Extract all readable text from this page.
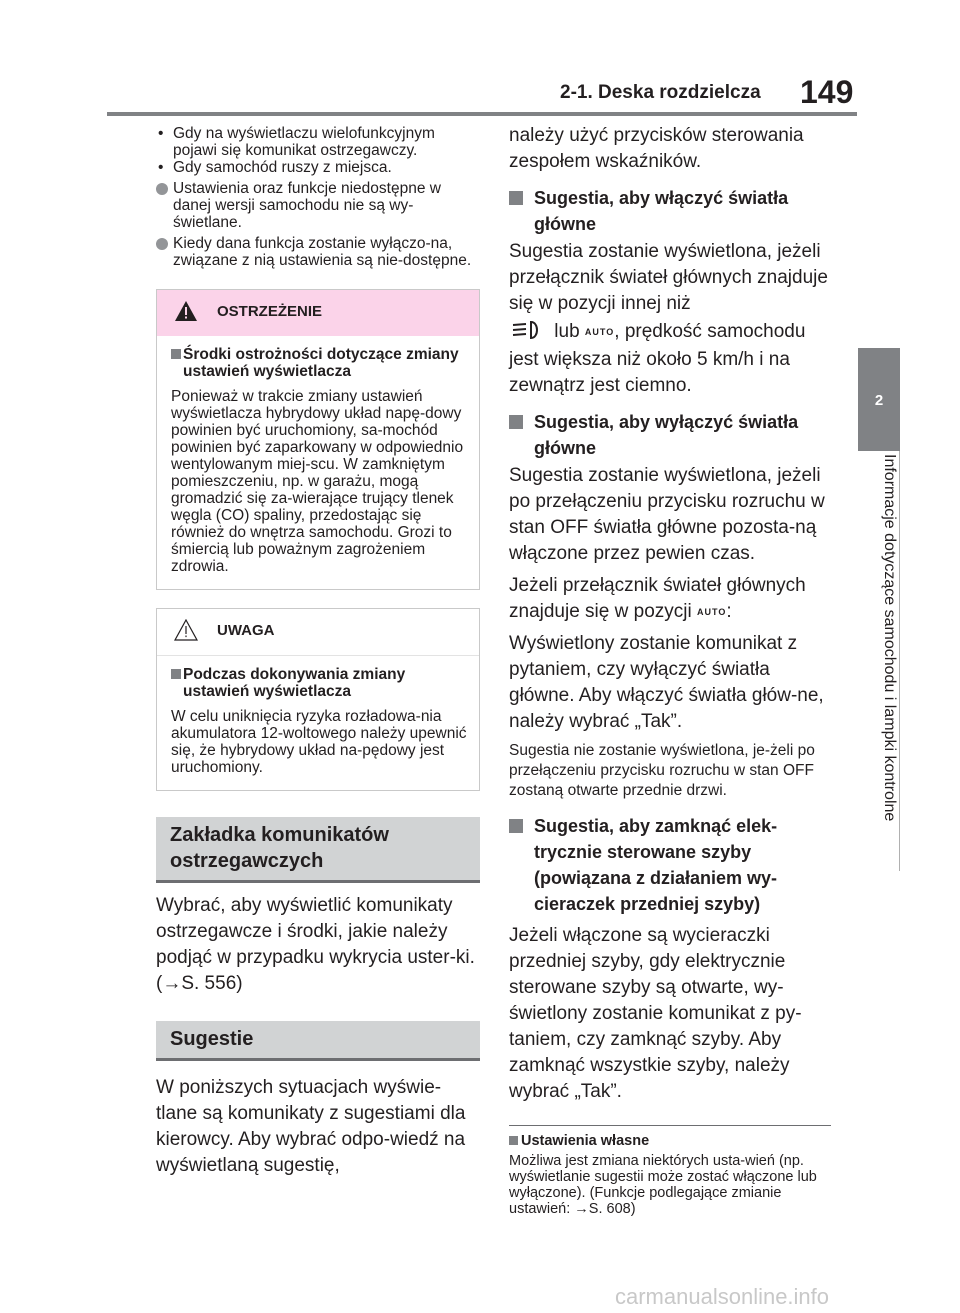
2-1. Deska rozdzielcza 149
2
Informacje dotyczące samochodu i lampki kontrolne
• Gdy na wyświetlaczu wielofunkcyjnym pojawi się komunikat ostrzegawczy.
• Gdy samochód ruszy z miejsca.
Ustawienia oraz funkcje niedostępne w danej wersji samochodu nie są wy-świetlane.
Kiedy dana funkcja zostanie wyłączo-na, związane z nią ustawienia są nie-dostępne.
OSTRZEŻENIE
Środki ostrożności dotyczące zmiany ustawień wyświetlacza
Ponieważ w trakcie zmiany ustawień wyświetlacza hybrydowy układ napę-dowy powinien być uruchomiony, sa-mochód powinien być zaparkowany w odpowiednio wentylowanym miej-scu. W zamkniętym pomieszczeniu, np. w garażu, mogą gromadzić się za-wierające trujący tlenek węgla (CO) spaliny, przedostając się również do wnętrza samochodu. Grozi to śmiercią lub poważnym zagrożeniem zdrowia.
UWAGA
Podczas dokonywania zmiany ustawień wyświetlacza
W celu uniknięcia ryzyka rozładowa-nia akumulatora 12-woltowego należy upewnić się, że hybrydowy układ na-pędowy jest uruchomiony.
Zakładka komunikatów ostrzegawczych

Wybrać, aby wyświetlić komunikaty ostrzegawcze i środki, jakie należy podjąć w przypadku wykrycia uster-ki. (→S. 556)

Sugestie

W poniższych sytuacjach wyświe-tlane są komunikaty z sugestiami dla kierowcy. Aby wybrać odpo-wiedź na wyświetlaną sugestię,

należy użyć przycisków sterowania zespołem wskaźników.

Sugestia, aby włączyć światła główne

Sugestia zostanie wyświetlona, jeżeli przełącznik świateł głównych znajduje się w pozycji innej niż

lub AUTO, prędkość samochodu

jest większa niż około 5 km/h i na zewnątrz jest ciemno.

Sugestia, aby wyłączyć światła główne

Sugestia zostanie wyświetlona, jeżeli po przełączeniu przycisku rozruchu w stan OFF światła główne pozosta-ną włączone przez pewien czas.

Jeżeli przełącznik świateł głównych znajduje się w pozycji AUTO:

Wyświetlony zostanie komunikat z pytaniem, czy wyłączyć światła główne. Aby włączyć światła głów-ne, należy wybrać „Tak”.

Sugestia nie zostanie wyświetlona, je-żeli po przełączeniu przycisku rozruchu w stan OFF zostaną otwarte przednie drzwi.

Sugestia, aby zamknąć elek-trycznie sterowane szyby (powiązana z działaniem wy-cieraczek przedniej szyby)

Jeżeli włączone są wycieraczki przedniej szyby, gdy elektrycznie sterowane szyby są otwarte, wy-świetlony zostanie komunikat z py-taniem, czy zamknąć szyby. Aby zamknąć wszystkie szyby, należy wybrać „Tak”.

Ustawienia własne
Możliwa jest zmiana niektórych usta-wień (np. wyświetlanie sugestii może zostać włączone lub wyłączone). (Funkcje podlegające zmianie ustawień: →S. 608)
carmanualsonline.info
